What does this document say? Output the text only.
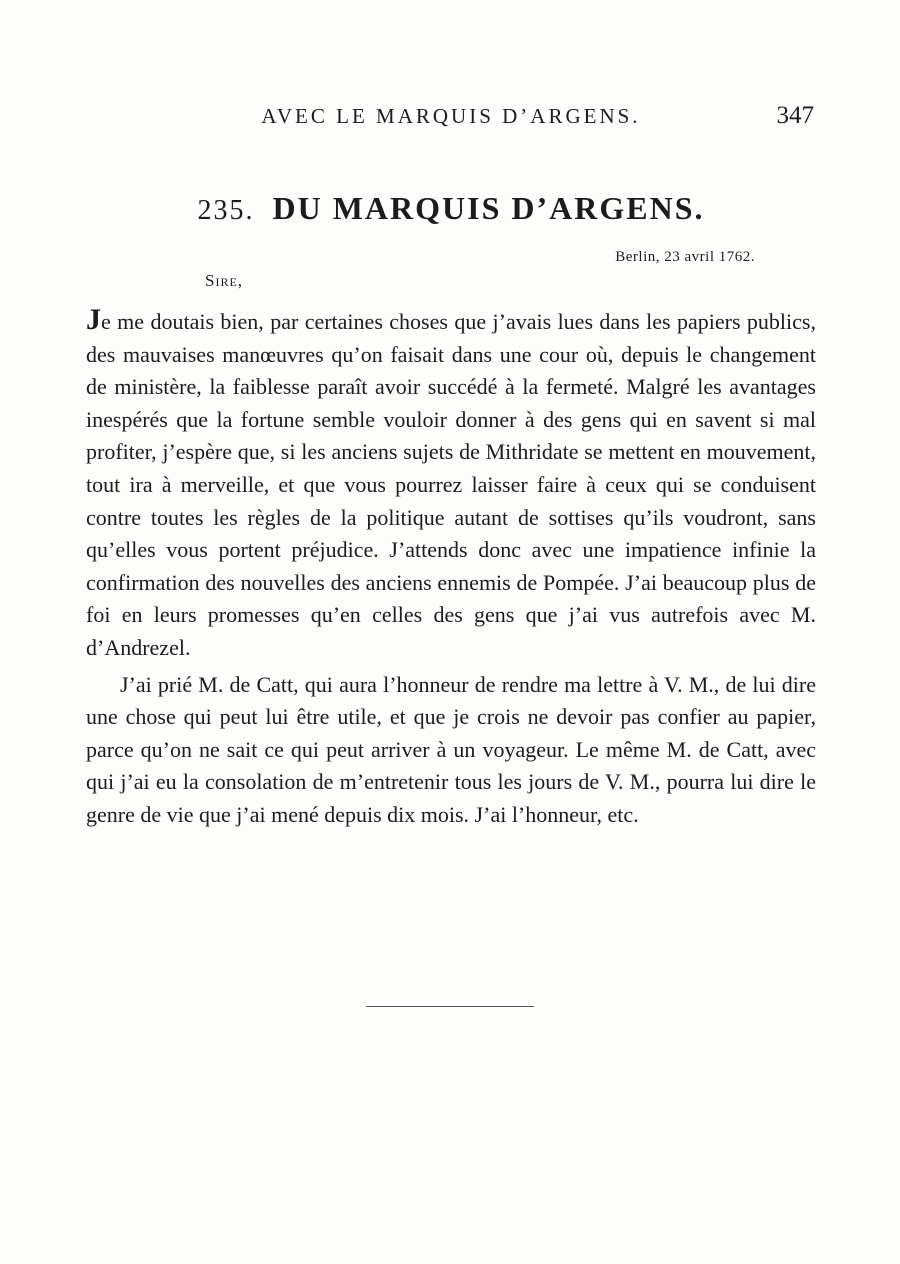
AVEC LE MARQUIS D’ARGENS.	347
235. DU MARQUIS D’ARGENS.
Berlin, 23 avril 1762.
Sire,

Je me doutais bien, par certaines choses que j’avais lues dans les papiers publics, des mauvaises manœuvres qu’on faisait dans une cour où, depuis le changement de ministère, la faiblesse paraît avoir succédé à la fermeté. Malgré les avantages inespérés que la fortune semble vouloir donner à des gens qui en savent si mal profiter, j’espère que, si les anciens sujets de Mithridate se mettent en mouvement, tout ira à merveille, et que vous pourrez laisser faire à ceux qui se conduisent contre toutes les règles de la politique autant de sottises qu’ils voudront, sans qu’elles vous portent préjudice. J’attends donc avec une impatience infinie la confirmation des nouvelles des anciens ennemis de Pompée. J’ai beaucoup plus de foi en leurs promesses qu’en celles des gens que j’ai vus autrefois avec M. d’Andrezel.

J’ai prié M. de Catt, qui aura l’honneur de rendre ma lettre à V. M., de lui dire une chose qui peut lui être utile, et que je crois ne devoir pas confier au papier, parce qu’on ne sait ce qui peut arriver à un voyageur. Le même M. de Catt, avec qui j’ai eu la consolation de m’entretenir tous les jours de V. M., pourra lui dire le genre de vie que j’ai mené depuis dix mois. J’ai l’honneur, etc.
